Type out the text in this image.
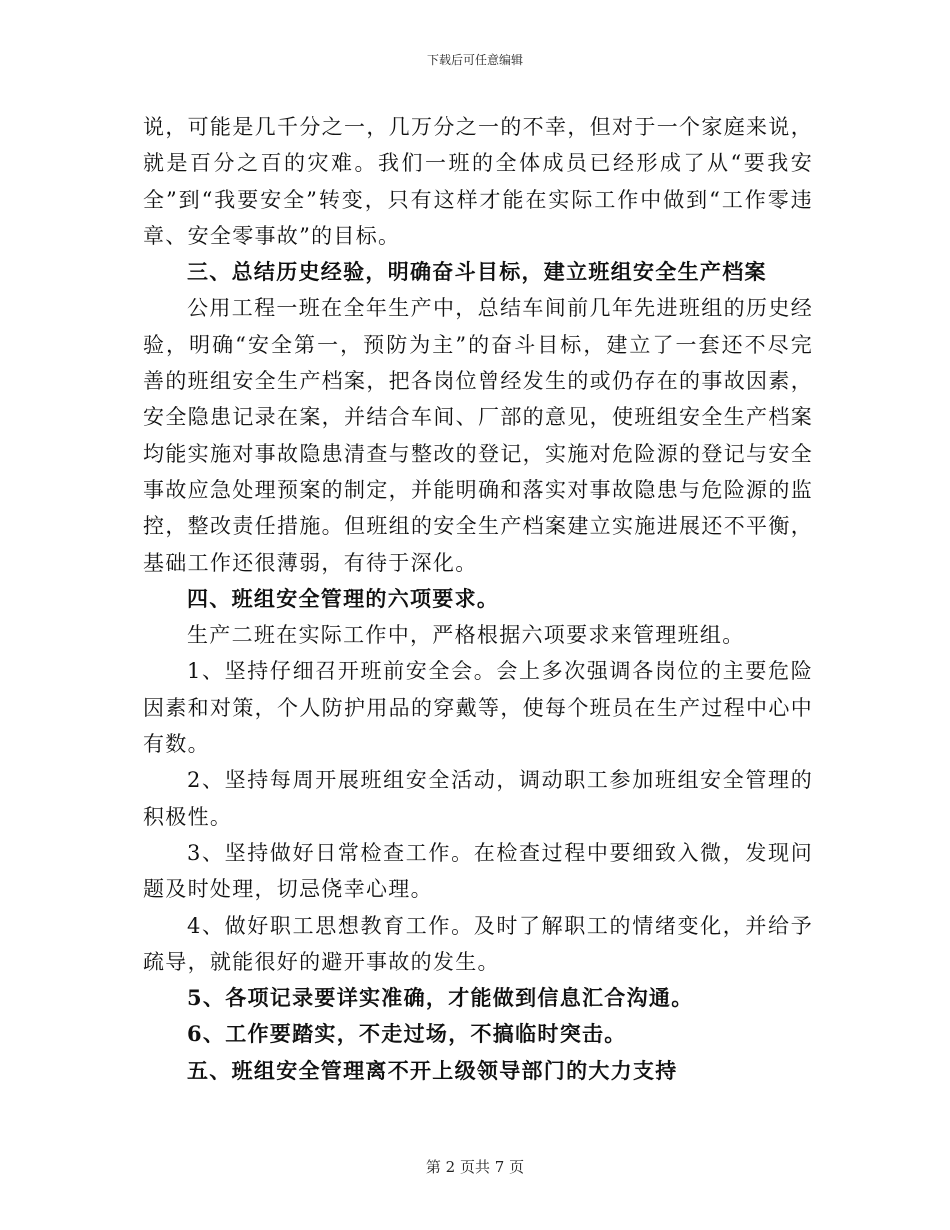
下载后可任意编辑

说，可能是几千分之一，几万分之一的不幸，但对于一个家庭来说，就是百分之百的灾难。我们一班的全体成员已经形成了从“要我安全”到“我要安全”转变，只有这样才能在实际工作中做到“工作零违章、安全零事故”的目标。

三、总结历史经验，明确奋斗目标，建立班组安全生产档案

公用工程一班在全年生产中，总结车间前几年先进班组的历史经验，明确“安全第一，预防为主”的奋斗目标，建立了一套还不尽完善的班组安全生产档案，把各岗位曾经发生的或仍存在的事故因素，安全隐患记录在案，并结合车间、厂部的意见，使班组安全生产档案均能实施对事故隐患清查与整改的登记，实施对危险源的登记与安全事故应急处理预案的制定，并能明确和落实对事故隐患与危险源的监控，整改责任措施。但班组的安全生产档案建立实施进展还不平衡，基础工作还很薄弱，有待于深化。

四、班组安全管理的六项要求。

生产二班在实际工作中，严格根据六项要求来管理班组。

1、坚持仔细召开班前安全会。会上多次强调各岗位的主要危险因素和对策，个人防护用品的穿戴等，使每个班员在生产过程中心中有数。

2、坚持每周开展班组安全活动，调动职工参加班组安全管理的积极性。

3、坚持做好日常检查工作。在检查过程中要细致入微，发现问题及时处理，切忌侥幸心理。

4、做好职工思想教育工作。及时了解职工的情绪变化，并给予疏导，就能很好的避开事故的发生。

5、各项记录要详实准确，才能做到信息汇合沟通。

6、工作要踏实，不走过场，不搞临时突击。

五、班组安全管理离不开上级领导部门的大力支持

第 2 页共 7 页
